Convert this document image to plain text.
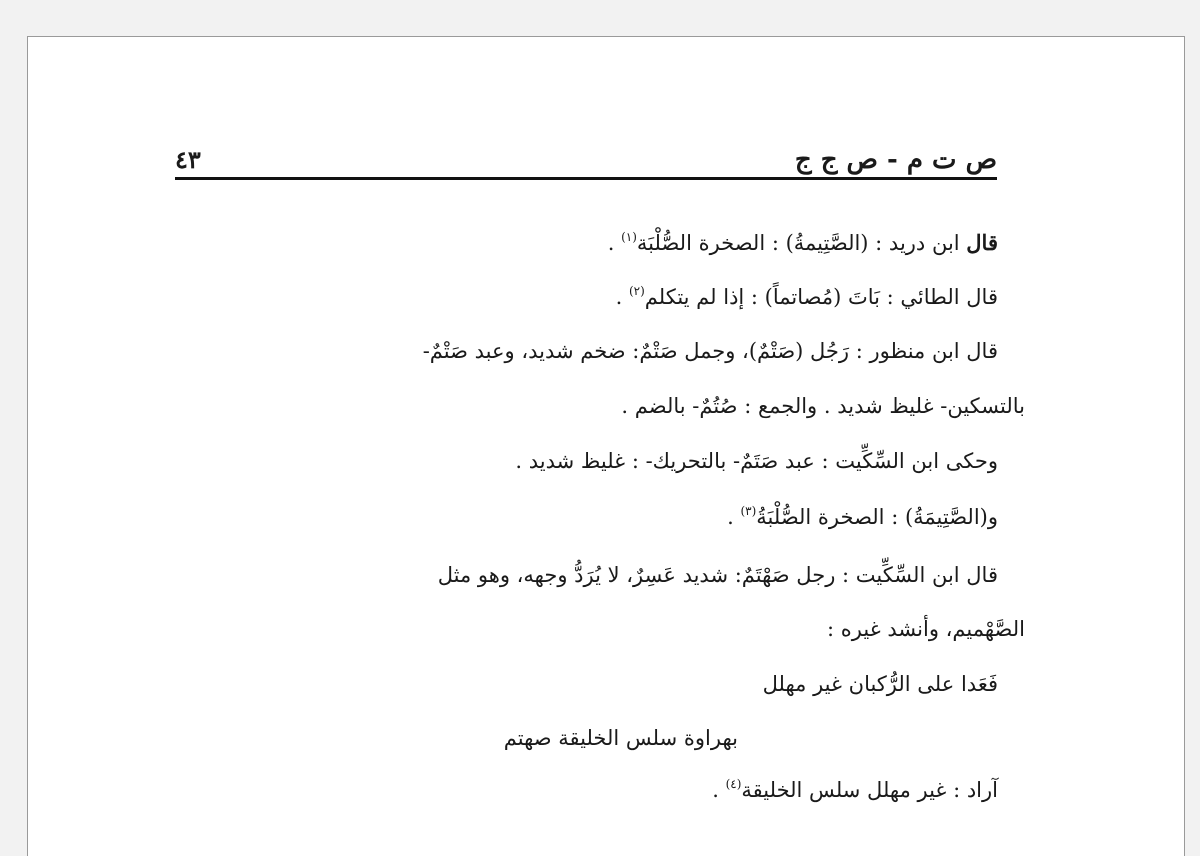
ص ت م - ص ج ج
٤٣
قال ابن دريد : (الصَّتِيمةُ) : الصخرة الصُّلْبَة$^{(١)}$ .
قال الطائي : بَاتَ (مُصاتماً) : إذا لم يتكلم$^{(٢)}$ .
قال ابن منظور : رَجُل (صَتْمٌ)، وجمل صَتْمٌ: ضخم شديد، وعبد صَتْمٌ-
بالتسكين- غليظ شديد . والجمع : صُتُمٌ- بالضم .
وحكى ابن السِّكِّيت : عبد صَتَمٌ- بالتحريك- : غليظ شديد .
و(الصَّتِيمَةُ) : الصخرة الصُّلْبَةُ$^{(٣)}$ .
قال ابن السِّكِّيت : رجل صَهْتَمٌ: شديد عَسِرٌ، لا يُرَدُّ وجهه، وهو مثل
الصَّهْميم، وأنشد غيره :
فَعَدا على الرُّكبان غير مهلل
بهراوة سلس الخليقة صهتم
آراد : غير مهلل سلس الخليقة$^{(٤)}$ .
